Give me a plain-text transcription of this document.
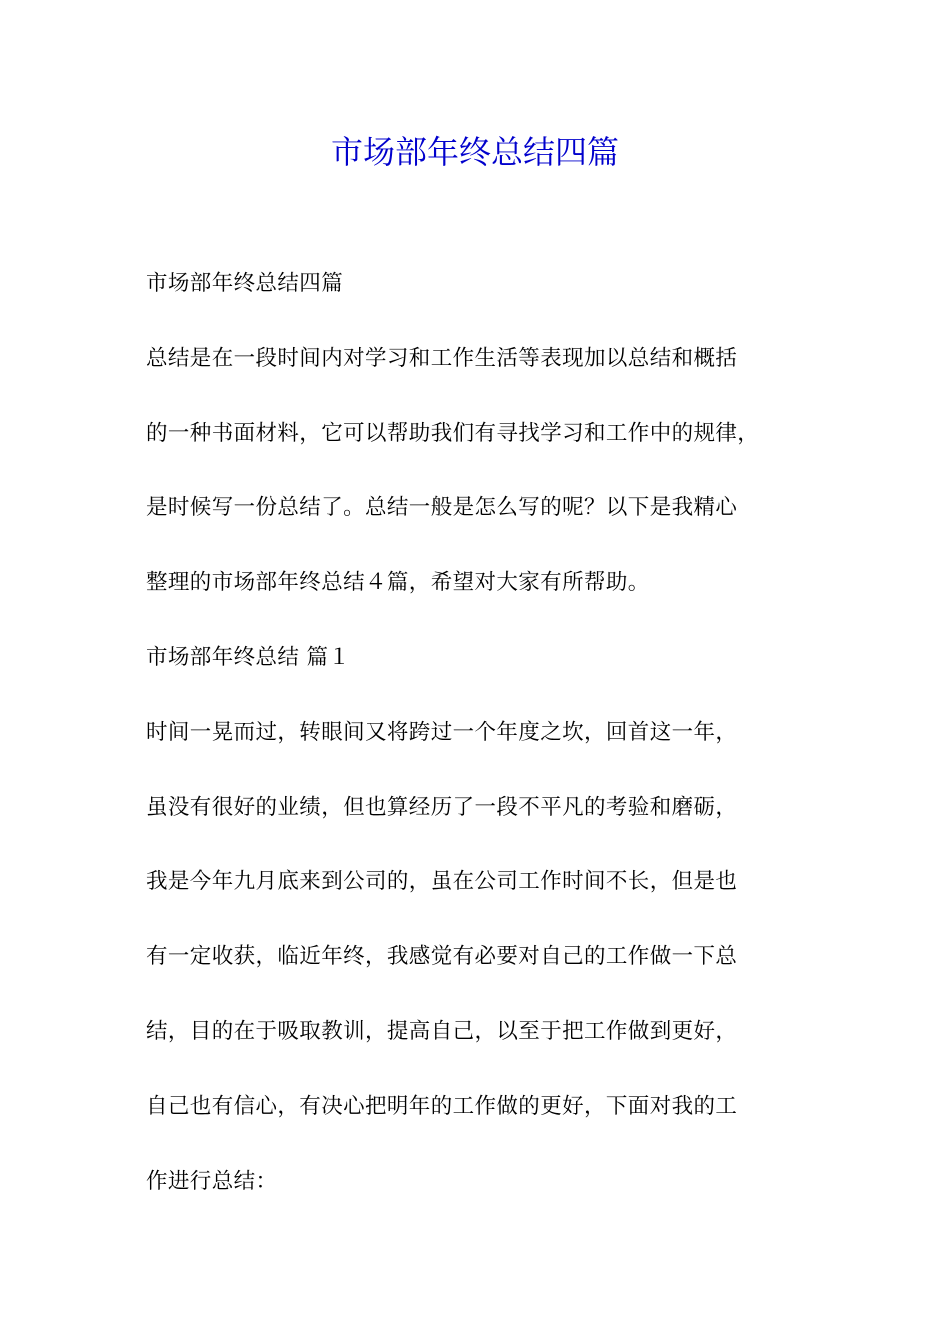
市场部年终总结四篇

市场部年终总结四篇

总结是在一段时间内对学习和工作生活等表现加以总结和概括

的一种书面材料，它可以帮助我们有寻找学习和工作中的规律，

是时候写一份总结了。总结一般是怎么写的呢？以下是我精心

整理的市场部年终总结４篇，希望对大家有所帮助。

市场部年终总结 篇１

时间一晃而过，转眼间又将跨过一个年度之坎，回首这一年，

虽没有很好的业绩，但也算经历了一段不平凡的考验和磨砺，

我是今年九月底来到公司的，虽在公司工作时间不长，但是也

有一定收获，临近年终，我感觉有必要对自己的工作做一下总

结，目的在于吸取教训，提高自己，以至于把工作做到更好，

自己也有信心，有决心把明年的工作做的更好，下面对我的工

作进行总结：
